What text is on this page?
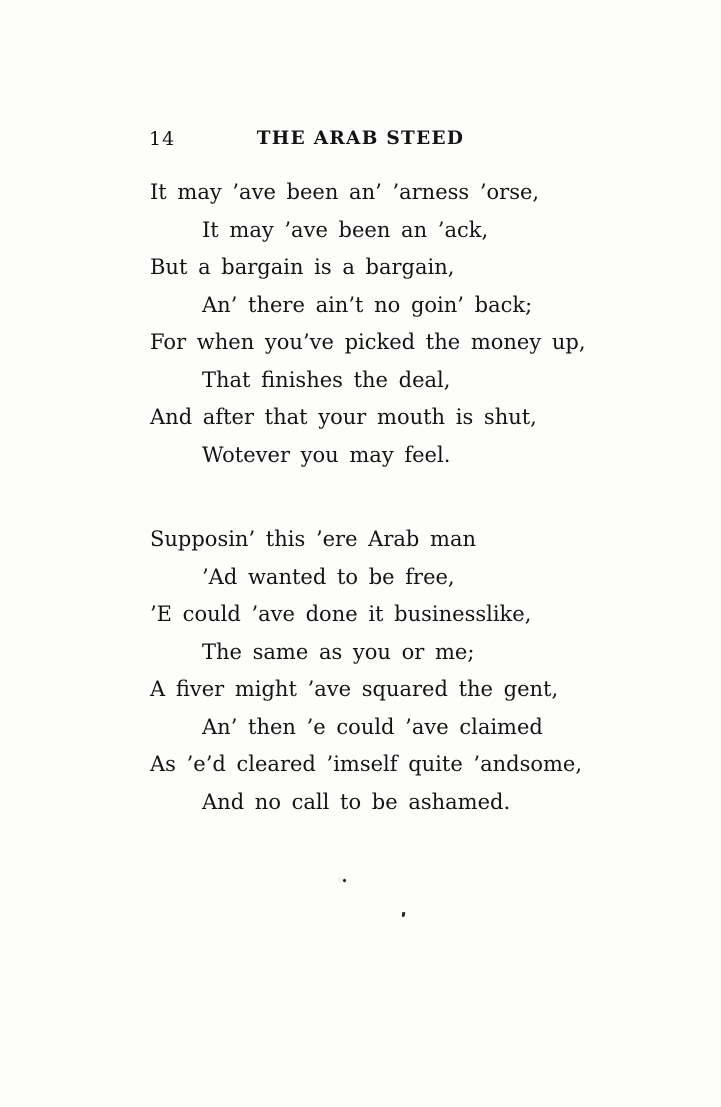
14	THE ARAB STEED

It may ’ave been an’ ’arness ’orse,

It may ’ave been an ’ack,

But a bargain is a bargain,

An’ there ain’t no goin’ back;

For when you’ve picked the money up,

That finishes the deal,

And after that your mouth is shut,

Wotever you may feel.

Supposin’ this ’ere Arab man

’Ad wanted to be free,

’E could ’ave done it businesslike,

The same as you or me;

A fiver might ’ave squared the gent,

An’ then ’e could ’ave claimed

As ’e’d cleared ’imself quite ’andsome,

And no call to be ashamed.
